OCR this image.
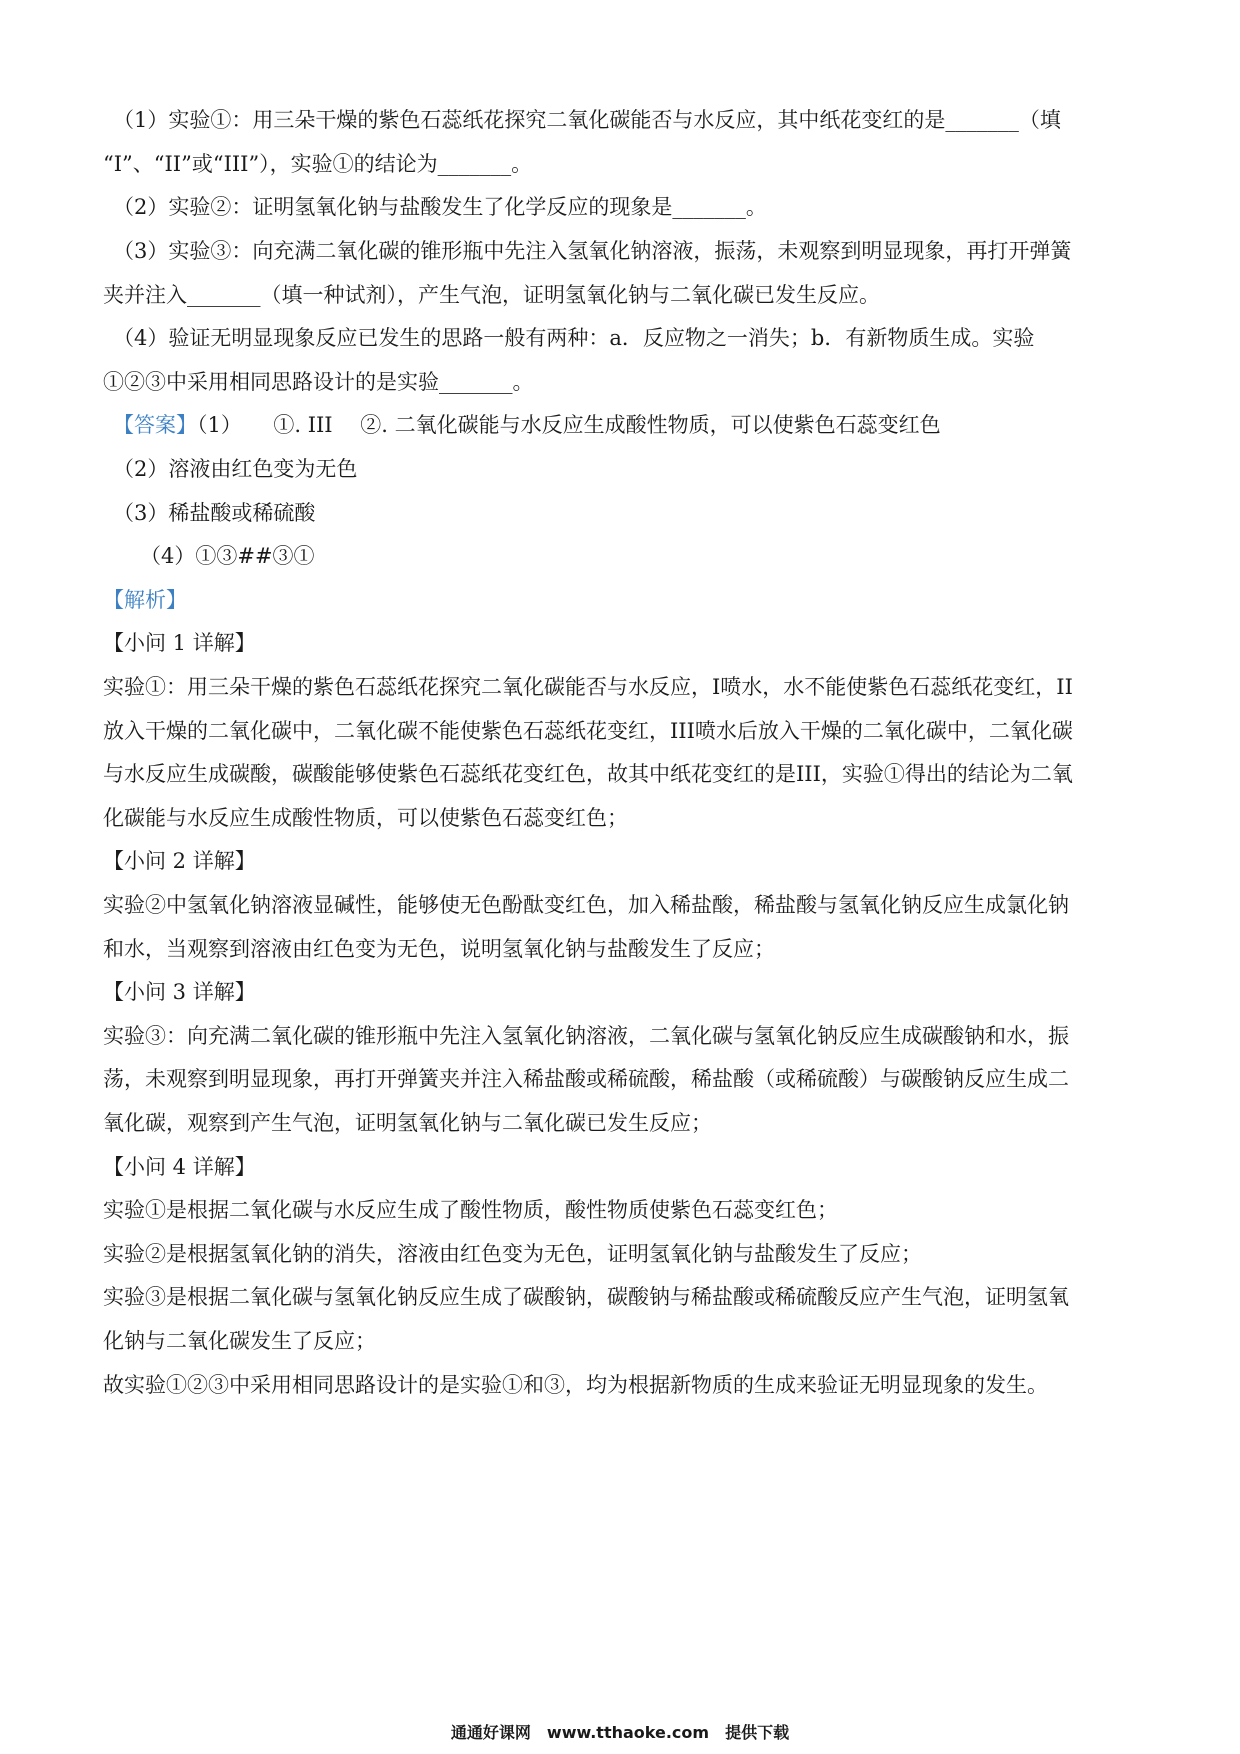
（1）实验①：用三朵干燥的紫色石蕊纸花探究二氧化碳能否与水反应，其中纸花变红的是_______（填
“I”、“II”或“III”），实验①的结论为_______。
（2）实验②：证明氢氧化钠与盐酸发生了化学反应的现象是_______。
（3）实验③：向充满二氧化碳的锥形瓶中先注入氢氧化钠溶液，振荡，未观察到明显现象，再打开弹簧
夹并注入_______（填一种试剂），产生气泡，证明氢氧化钠与二氧化碳已发生反应。
（4）验证无明显现象反应已发生的思路一般有两种：a．反应物之一消失；b．有新物质生成。实验
①②③中采用相同思路设计的是实验_______。
【答案】（1）　　①. III　 ②. 二氧化碳能与水反应生成酸性物质，可以使紫色石蕊变红色
（2）溶液由红色变为无色
（3）稀盐酸或稀硫酸
（4）①③##③①
【解析】
【小问 1 详解】
实验①：用三朵干燥的紫色石蕊纸花探究二氧化碳能否与水反应，I喷水，水不能使紫色石蕊纸花变红，II
放入干燥的二氧化碳中，二氧化碳不能使紫色石蕊纸花变红，III喷水后放入干燥的二氧化碳中，二氧化碳
与水反应生成碳酸，碳酸能够使紫色石蕊纸花变红色，故其中纸花变红的是III，实验①得出的结论为二氧
化碳能与水反应生成酸性物质，可以使紫色石蕊变红色；
【小问 2 详解】
实验②中氢氧化钠溶液显碱性，能够使无色酚酞变红色，加入稀盐酸，稀盐酸与氢氧化钠反应生成氯化钠
和水，当观察到溶液由红色变为无色，说明氢氧化钠与盐酸发生了反应；
【小问 3 详解】
实验③：向充满二氧化碳的锥形瓶中先注入氢氧化钠溶液，二氧化碳与氢氧化钠反应生成碳酸钠和水，振
荡，未观察到明显现象，再打开弹簧夹并注入稀盐酸或稀硫酸，稀盐酸（或稀硫酸）与碳酸钠反应生成二
氧化碳，观察到产生气泡，证明氢氧化钠与二氧化碳已发生反应；
【小问 4 详解】
实验①是根据二氧化碳与水反应生成了酸性物质，酸性物质使紫色石蕊变红色；
实验②是根据氢氧化钠的消失，溶液由红色变为无色，证明氢氧化钠与盐酸发生了反应；
实验③是根据二氧化碳与氢氧化钠反应生成了碳酸钠，碳酸钠与稀盐酸或稀硫酸反应产生气泡，证明氢氧
化钠与二氧化碳发生了反应；
故实验①②③中采用相同思路设计的是实验①和③，均为根据新物质的生成来验证无明显现象的发生。
通通好课网　www.tthaoke.com　提供下载
